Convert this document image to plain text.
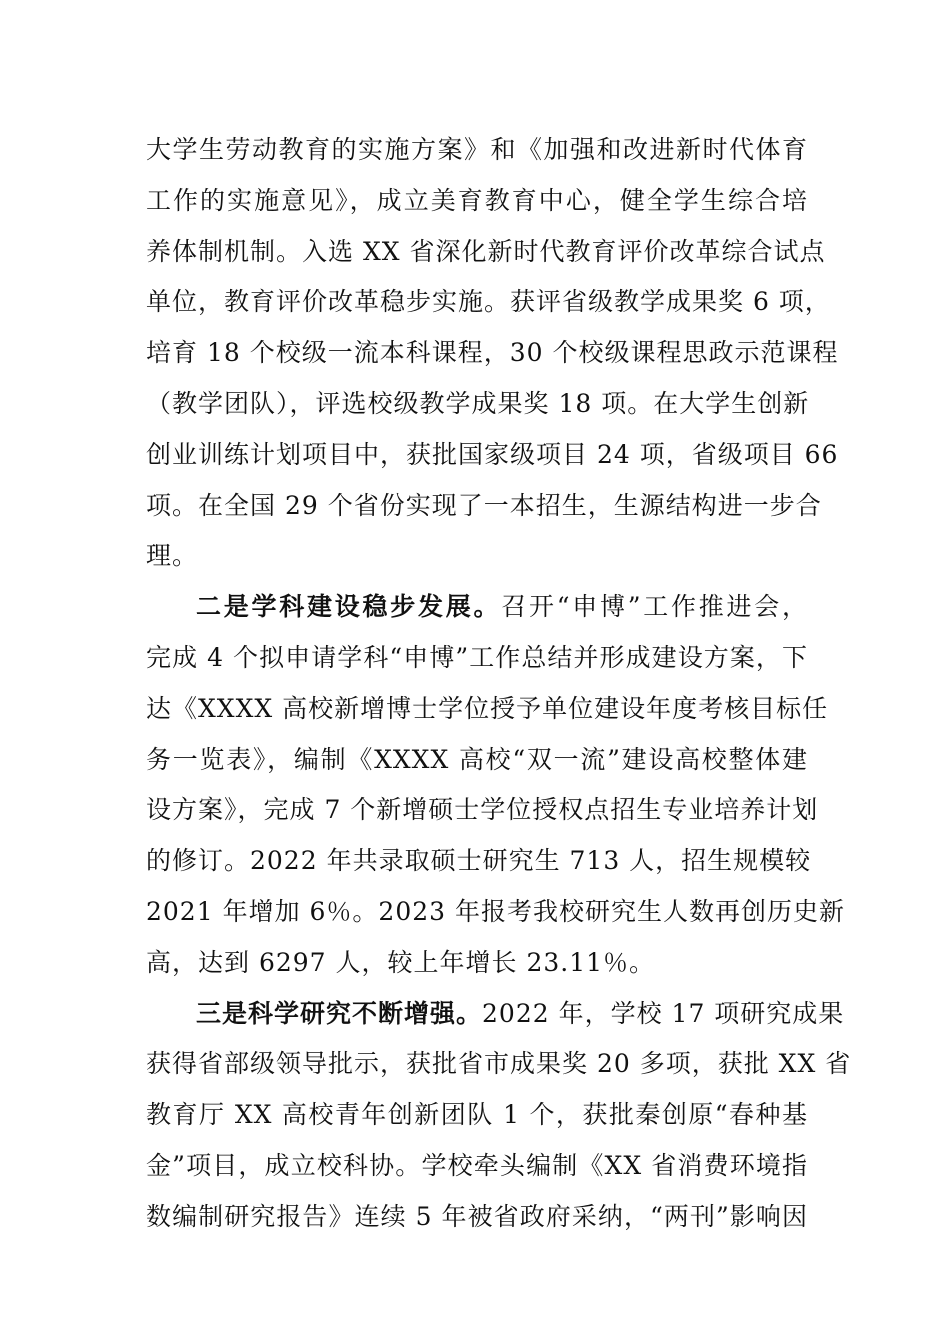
大学生劳动教育的实施方案》和《加强和改进新时代体育
工作的实施意见》，成立美育教育中心，健全学生综合培
养体制机制。入选 XX 省深化新时代教育评价改革综合试点
单位，教育评价改革稳步实施。获评省级教学成果奖 6 项，
培育 18 个校级一流本科课程，30 个校级课程思政示范课程
（教学团队），评选校级教学成果奖 18 项。在大学生创新
创业训练计划项目中，获批国家级项目 24 项，省级项目 66
项。在全国 29 个省份实现了一本招生，生源结构进一步合
理。
二是学科建设稳步发展。召开“申博”工作推进会，
完成 4 个拟申请学科“申博”工作总结并形成建设方案，下
达《XXXX 高校新增博士学位授予单位建设年度考核目标任
务一览表》，编制《XXXX 高校“双一流”建设高校整体建
设方案》，完成 7 个新增硕士学位授权点招生专业培养计划
的修订。2022 年共录取硕士研究生 713 人，招生规模较
2021 年增加 6％。2023 年报考我校研究生人数再创历史新
高，达到 6297 人，较上年增长 23.11％。
三是科学研究不断增强。2022 年，学校 17 项研究成果
获得省部级领导批示，获批省市成果奖 20 多项，获批 XX 省
教育厅 XX 高校青年创新团队 1 个，获批秦创原“春种基
金”项目，成立校科协。学校牵头编制《XX 省消费环境指
数编制研究报告》连续 5 年被省政府采纳，“两刊”影响因
